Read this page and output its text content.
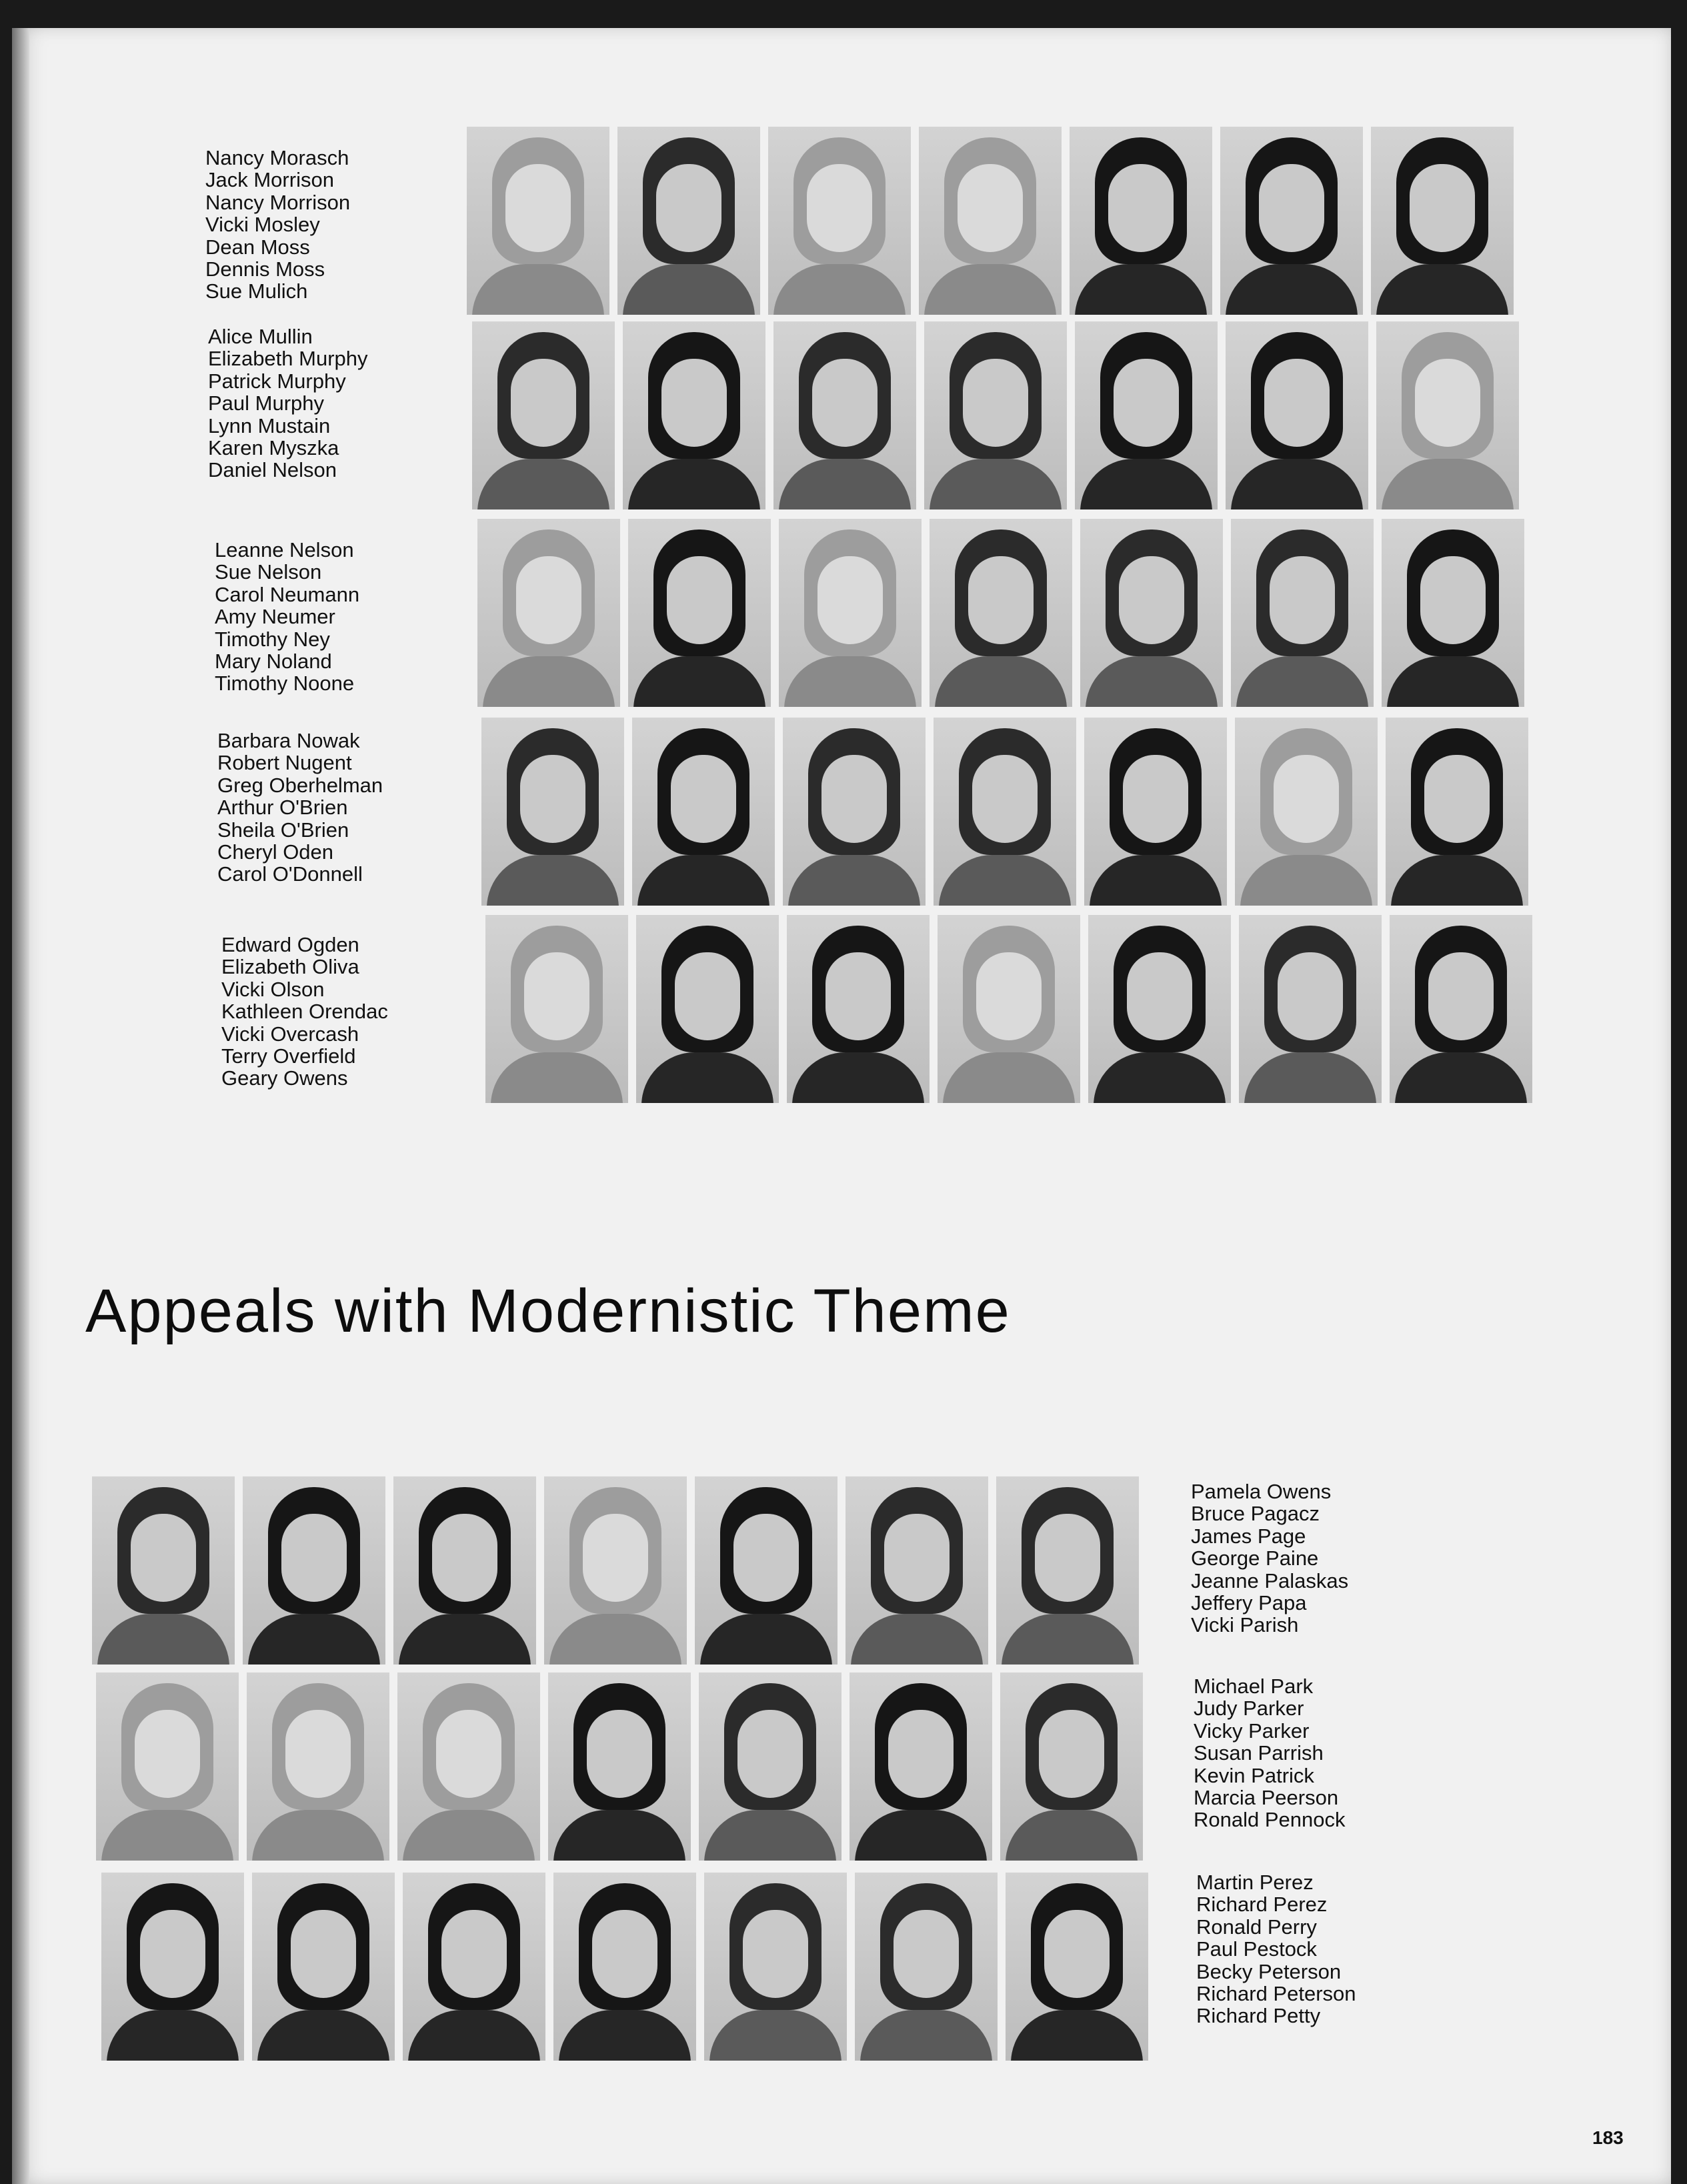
Nancy Morasch
Jack Morrison
Nancy Morrison
Vicki Mosley
Dean Moss
Dennis Moss
Sue Mulich
Alice Mullin
Elizabeth Murphy
Patrick Murphy
Paul Murphy
Lynn Mustain
Karen Myszka
Daniel Nelson
Leanne Nelson
Sue Nelson
Carol Neumann
Amy Neumer
Timothy Ney
Mary Noland
Timothy Noone
Barbara Nowak
Robert Nugent
Greg Oberhelman
Arthur O'Brien
Sheila O'Brien
Cheryl Oden
Carol O'Donnell
Edward Ogden
Elizabeth Oliva
Vicki Olson
Kathleen Orendac
Vicki Overcash
Terry Overfield
Geary Owens
Appeals with Modernistic Theme
Pamela Owens
Bruce Pagacz
James Page
George Paine
Jeanne Palaskas
Jeffery Papa
Vicki Parish
Michael Park
Judy Parker
Vicky Parker
Susan Parrish
Kevin Patrick
Marcia Peerson
Ronald Pennock
Martin Perez
Richard Perez
Ronald Perry
Paul Pestock
Becky Peterson
Richard Peterson
Richard Petty
183
